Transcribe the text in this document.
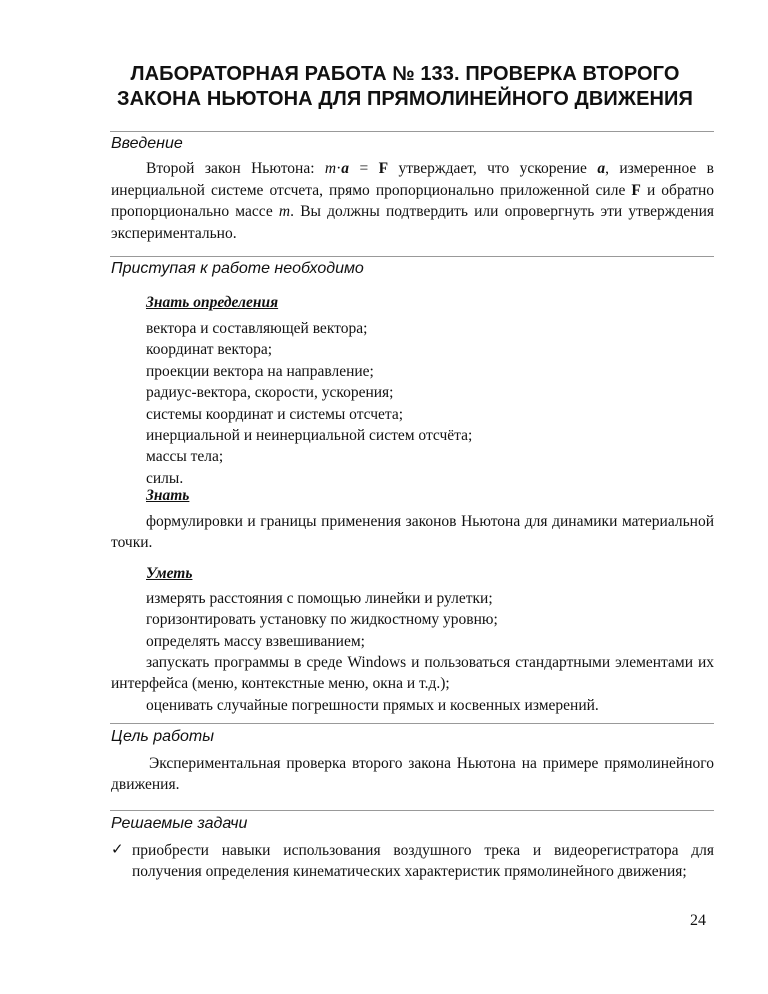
ЛАБОРАТОРНАЯ РАБОТА № 133. ПРОВЕРКА ВТОРОГО
ЗАКОНА НЬЮТОНА ДЛЯ ПРЯМОЛИНЕЙНОГО ДВИЖЕНИЯ
Введение

Второй закон Ньютона: m·a = F утверждает, что ускорение a, измеренное в инерциальной системе отсчета, прямо пропорционально приложенной силе F и обратно пропорционально массе m. Вы должны подтвердить или опровергнуть эти утверждения экспериментально.

Приступая к работе необходимо
Знать определения
вектора и составляющей вектора;
координат вектора;
проекции вектора на направление;
радиус-вектора, скорости, ускорения;
системы координат и системы отсчета;
инерциальной и неинерциальной систем отсчёта;
массы тела;
силы.
Знать

формулировки и границы применения законов Ньютона для динамики материальной точки.

Уметь
измерять расстояния с помощью линейки и рулетки;
горизонтировать установку по жидкостному уровню;
определять массу взвешиванием;

запускать программы в среде Windows и пользоваться стандартными элементами их интерфейса (меню, контекстные меню, окна и т.д.);

оценивать случайные погрешности прямых и косвенных измерений.

Цель работы

Экспериментальная проверка второго закона Ньютона на примере прямолинейного движения.

Решаемые задачи
✓ приобрести навыки использования воздушного трека и видеорегистратора для получения определения кинематических характеристик прямолинейного движения;
24
